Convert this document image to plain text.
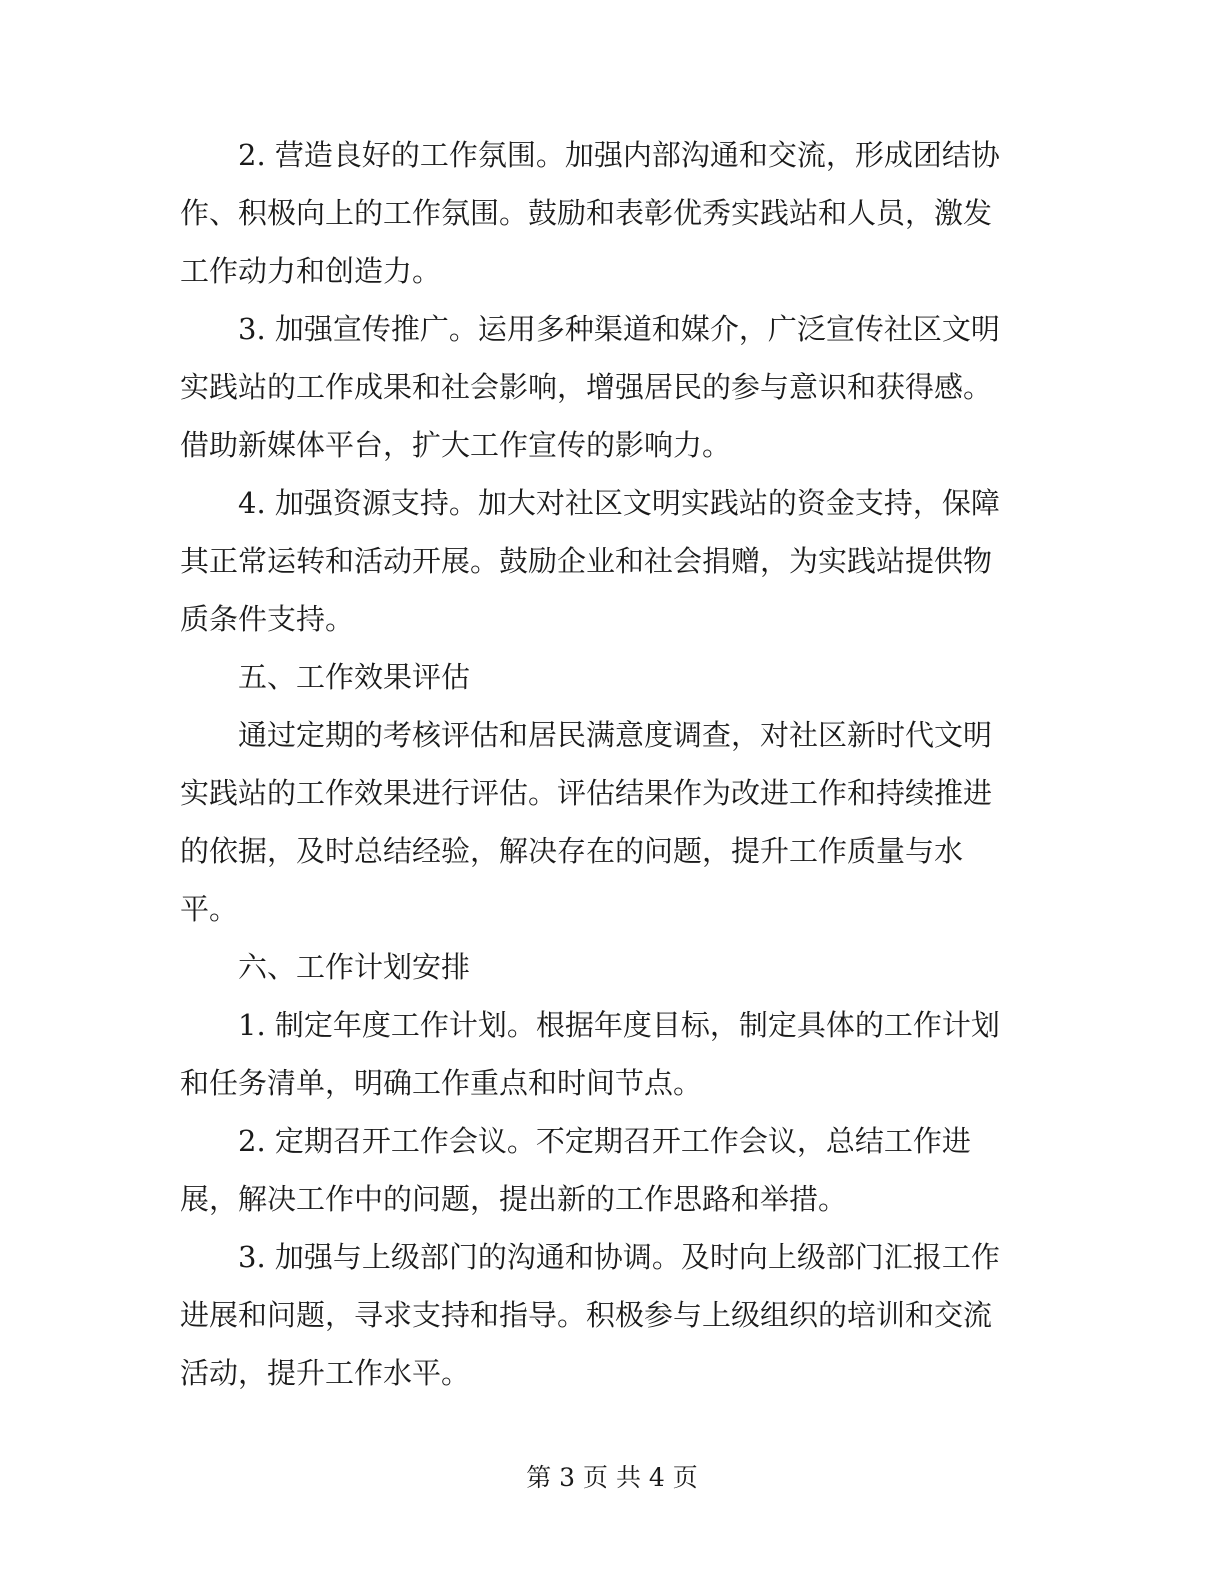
2. 营造良好的工作氛围。加强内部沟通和交流，形成团结协
作、积极向上的工作氛围。鼓励和表彰优秀实践站和人员，激发
工作动力和创造力。
3. 加强宣传推广。运用多种渠道和媒介，广泛宣传社区文明
实践站的工作成果和社会影响，增强居民的参与意识和获得感。
借助新媒体平台，扩大工作宣传的影响力。
4. 加强资源支持。加大对社区文明实践站的资金支持，保障
其正常运转和活动开展。鼓励企业和社会捐赠，为实践站提供物
质条件支持。
五、工作效果评估
通过定期的考核评估和居民满意度调查，对社区新时代文明
实践站的工作效果进行评估。评估结果作为改进工作和持续推进
的依据，及时总结经验，解决存在的问题，提升工作质量与水
平。
六、工作计划安排
1. 制定年度工作计划。根据年度目标，制定具体的工作计划
和任务清单，明确工作重点和时间节点。
2. 定期召开工作会议。不定期召开工作会议，总结工作进
展，解决工作中的问题，提出新的工作思路和举措。
3. 加强与上级部门的沟通和协调。及时向上级部门汇报工作
进展和问题，寻求支持和指导。积极参与上级组织的培训和交流
活动，提升工作水平。
第 3 页 共 4 页
